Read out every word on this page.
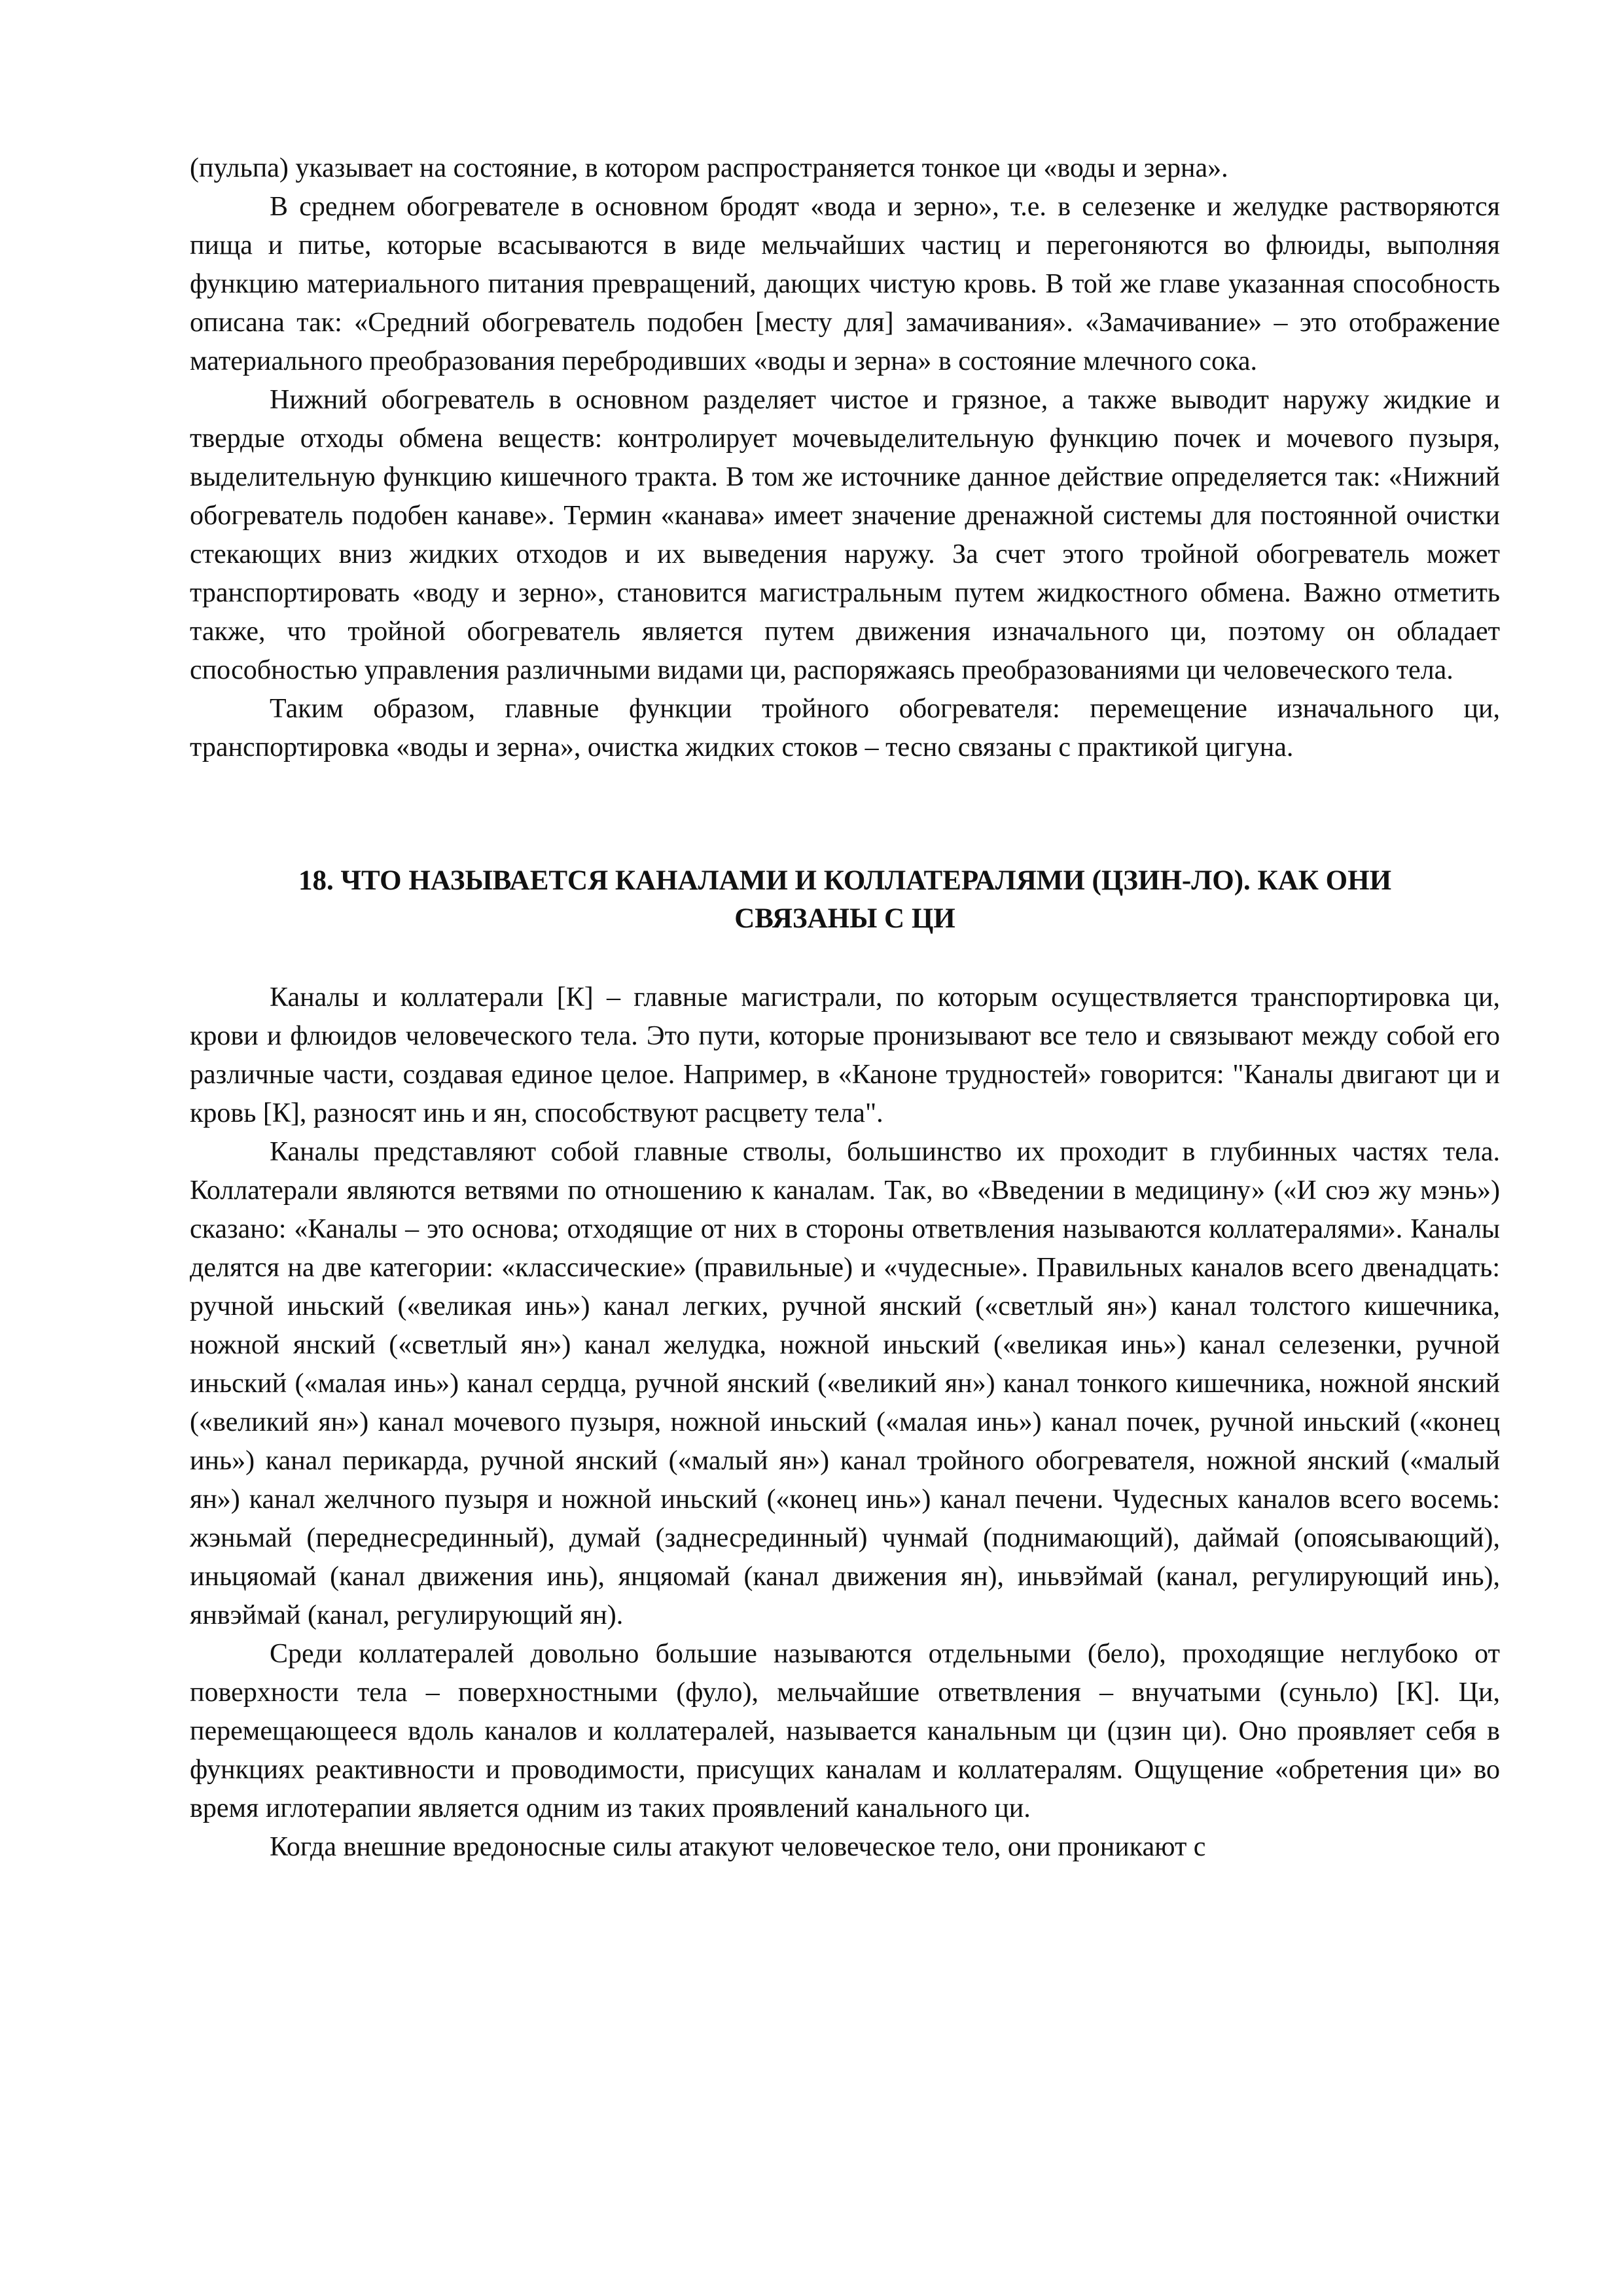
(пульпа) указывает на состояние, в котором распространяется тонкое ци «воды и зерна».

В среднем обогревателе в основном бродят «вода и зерно», т.е. в селезенке и желудке растворяются пища и питье, которые всасываются в виде мельчайших частиц и перегоняются во флюиды, выполняя функцию материального питания превращений, дающих чистую кровь. В той же главе указанная способность описана так: «Средний обогреватель подобен [месту для] замачивания». «Замачивание» – это отображение материального преобразования перебродивших «воды и зерна» в состояние млечного сока.

Нижний обогреватель в основном разделяет чистое и грязное, а также выводит наружу жидкие и твердые отходы обмена веществ: контролирует мочевыделительную функцию почек и мочевого пузыря, выделительную функцию кишечного тракта. В том же источнике данное действие определяется так: «Нижний обогреватель подобен канаве». Термин «канава» имеет значение дренажной системы для постоянной очистки стекающих вниз жидких отходов и их выведения наружу. За счет этого тройной обогреватель может транспортировать «воду и зерно», становится магистральным путем жидкостного обмена. Важно отметить также, что тройной обогреватель является путем движения изначального ци, поэтому он обладает способностью управления различными видами ци, распоряжаясь преобразованиями ци человеческого тела.

Таким образом, главные функции тройного обогревателя: перемещение изначального ци, транспортировка «воды и зерна», очистка жидких стоков – тесно связаны с практикой цигуна.

18. ЧТО НАЗЫВАЕТСЯ КАНАЛАМИ И КОЛЛАТЕРАЛЯМИ (ЦЗИН-ЛО). КАК ОНИ
СВЯЗАНЫ С ЦИ

Каналы и коллатерали [К] – главные магистрали, по которым осуществляется транспортировка ци, крови и флюидов человеческого тела. Это пути, которые пронизывают все тело и связывают между собой его различные части, создавая единое целое. Например, в «Каноне трудностей» говорится: "Каналы двигают ци и кровь [К], разносят инь и ян, способствуют расцвету тела".

Каналы представляют собой главные стволы, большинство их проходит в глубинных частях тела. Коллатерали являются ветвями по отношению к каналам. Так, во «Введении в медицину» («И сюэ жу мэнь») сказано: «Каналы – это основа; отходящие от них в стороны ответвления называются коллатералями». Каналы делятся на две категории: «классические» (правильные) и «чудесные». Правильных каналов всего двенадцать: ручной иньский («великая инь») канал легких, ручной янский («светлый ян») канал толстого кишечника, ножной янский («светлый ян») канал желудка, ножной иньский («великая инь») канал селезенки, ручной иньский («малая инь») канал сердца, ручной янский («великий ян») канал тонкого кишечника, ножной янский («великий ян») канал мочевого пузыря, ножной иньский («малая инь») канал почек, ручной иньский («конец инь») канал перикарда, ручной янский («малый ян») канал тройного обогревателя, ножной янский («малый ян») канал желчного пузыря и ножной иньский («конец инь») канал печени. Чудесных каналов всего восемь: жэньмай (переднесрединный), думай (заднесрединный) чунмай (поднимающий), даймай (опоясывающий), иньцяомай (канал движения инь), янцяомай (канал движения ян), иньвэймай (канал, регулирующий инь), янвэймай (канал, регулирующий ян).

Среди коллатералей довольно большие называются отдельными (бело), проходящие неглубоко от поверхности тела – поверхностными (фуло), мельчайшие ответвления – внучатыми (суньло) [К]. Ци, перемещающееся вдоль каналов и коллатералей, называется канальным ци (цзин ци). Оно проявляет себя в функциях реактивности и проводимости, присущих каналам и коллатералям. Ощущение «обретения ци» во время иглотерапии является одним из таких проявлений канального ци.

Когда внешние вредоносные силы атакуют человеческое тело, они проникают с
